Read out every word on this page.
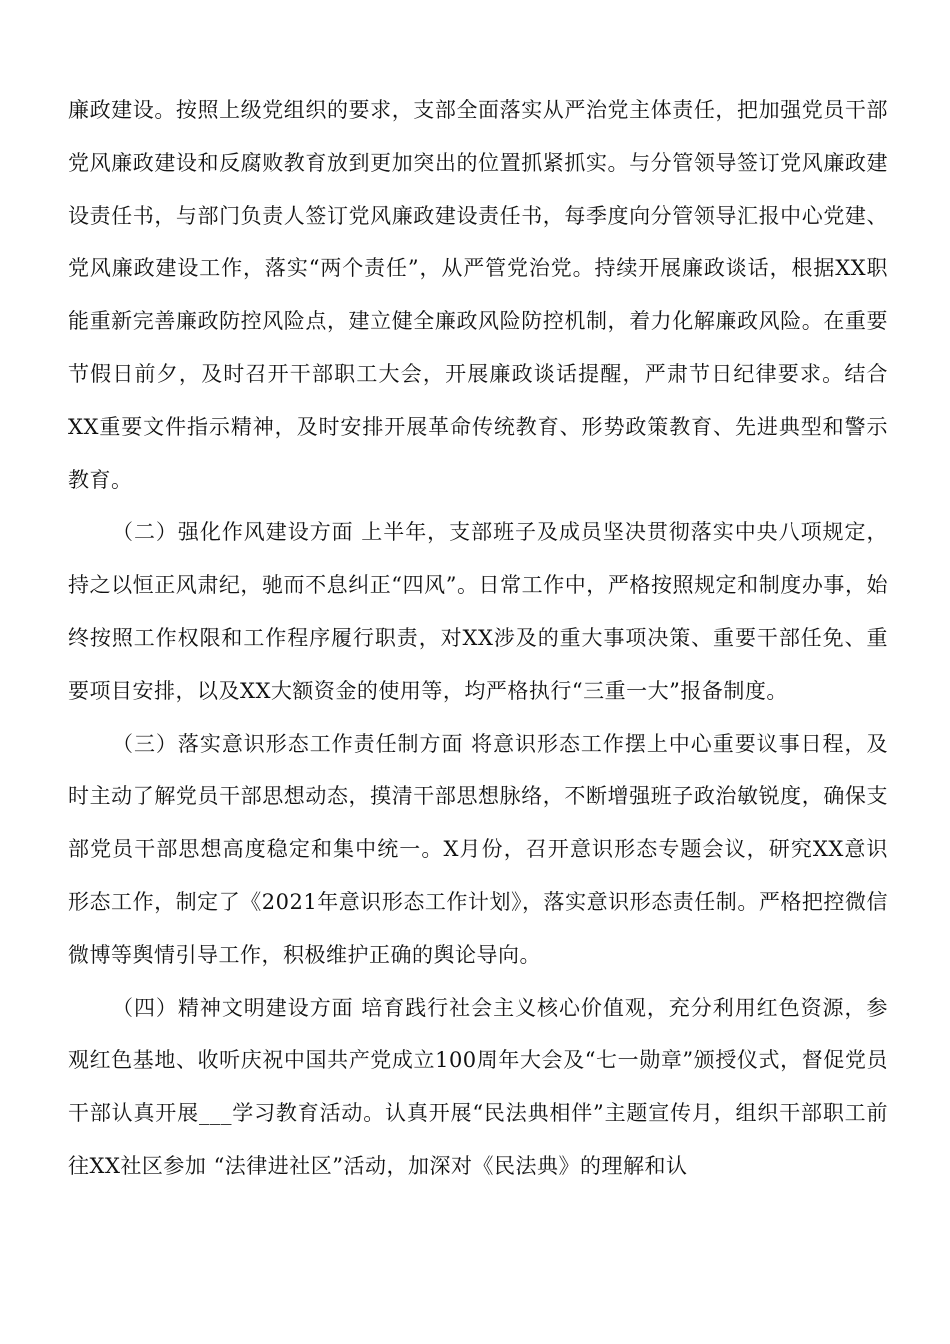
廉政建设。按照上级党组织的要求，支部全面落实从严治党主体责任，把加强党员干部党风廉政建设和反腐败教育放到更加突出的位置抓紧抓实。与分管领导签订党风廉政建设责任书，与部门负责人签订党风廉政建设责任书，每季度向分管领导汇报中心党建、党风廉政建设工作，落实“两个责任”，从严管党治党。持续开展廉政谈话，根据XX职能重新完善廉政防控风险点，建立健全廉政风险防控机制，着力化解廉政风险。在重要节假日前夕，及时召开干部职工大会，开展廉政谈话提醒，严肃节日纪律要求。结合XX重要文件指示精神，及时安排开展革命传统教育、形势政策教育、先进典型和警示教育。

（二）强化作风建设方面 上半年，支部班子及成员坚决贯彻落实中央八项规定，持之以恒正风肃纪，驰而不息纠正“四风”。日常工作中，严格按照规定和制度办事，始终按照工作权限和工作程序履行职责，对XX涉及的重大事项决策、重要干部任免、重要项目安排，以及XX大额资金的使用等，均严格执行“三重一大”报备制度。

（三）落实意识形态工作责任制方面 将意识形态工作摆上中心重要议事日程，及时主动了解党员干部思想动态，摸清干部思想脉络，不断增强班子政治敏锐度，确保支部党员干部思想高度稳定和集中统一。X月份，召开意识形态专题会议，研究XX意识形态工作，制定了《2021年意识形态工作计划》，落实意识形态责任制。严格把控微信微博等舆情引导工作，积极维护正确的舆论导向。

（四）精神文明建设方面 培育践行社会主义核心价值观，充分利用红色资源，参观红色基地、收听庆祝中国共产党成立100周年大会及“七一勋章”颁授仪式，督促党员干部认真开展___学习教育活动。认真开展“民法典相伴”主题宣传月，组织干部职工前往XX社区参加 “法律进社区”活动，加深对《民法典》的理解和认
